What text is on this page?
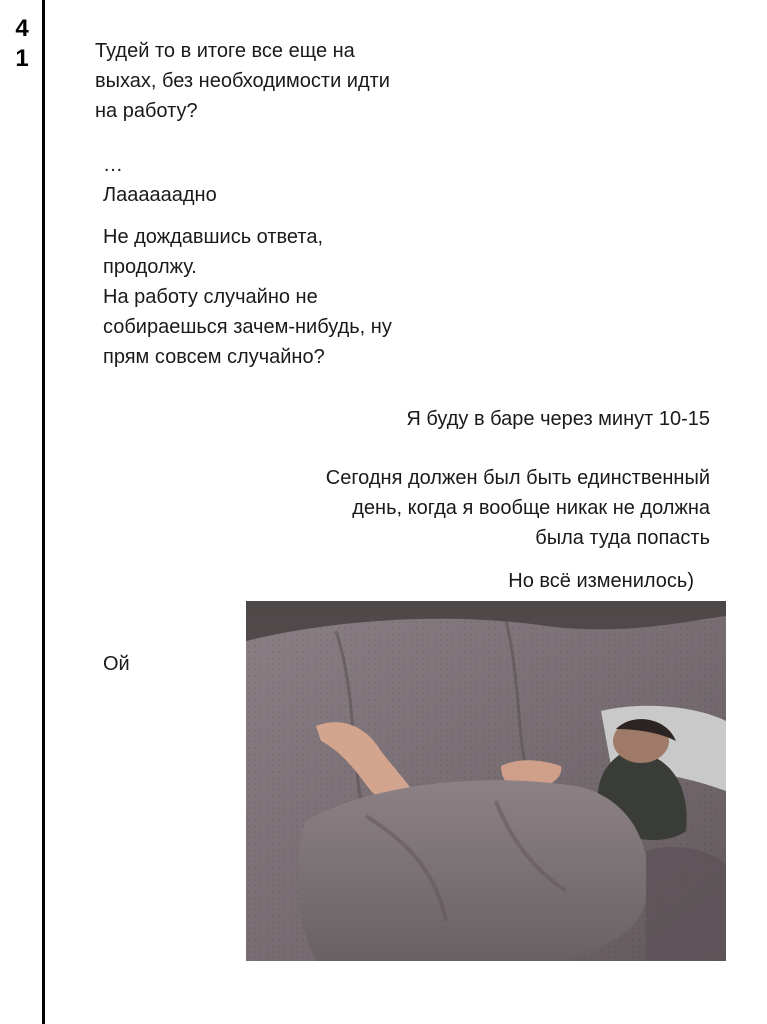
4
1	Тудей то в итоге все еще на
выхах, без необходимости идти
на работу?
…
Лааааaадно
Не дождавшись ответа,
продолжу.
На работу случайно не
собираешься зачем-нибудь, ну
прям совсем случайно?
Я буду в баре через минут 10-15
Сегодня должен был быть единственный
день, когда я вообще никак не должна
была туда попасть
Но всё изменилось)
Ой
